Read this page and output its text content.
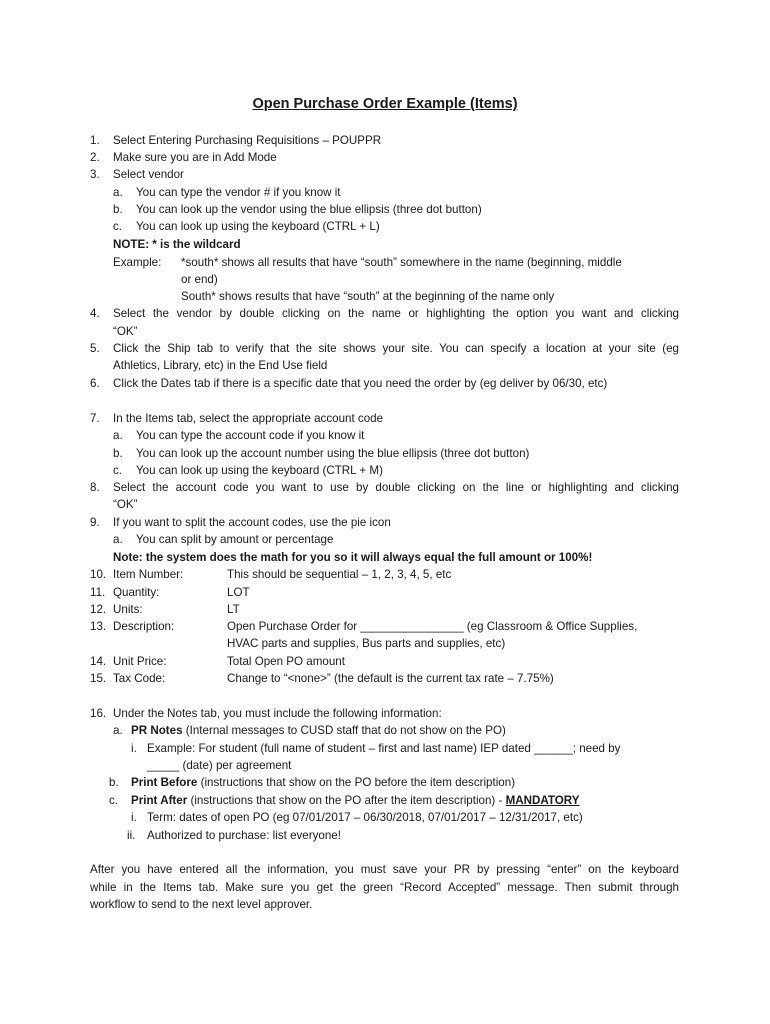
Open Purchase Order Example (Items)
1. Select Entering Purchasing Requisitions – POUPPR
2. Make sure you are in Add Mode
3. Select vendor
a. You can type the vendor # if you know it
b. You can look up the vendor using the blue ellipsis (three dot button)
c. You can look up using the keyboard (CTRL + L)
NOTE: * is the wildcard
Example: *south* shows all results that have “south” somewhere in the name (beginning, middle
or end)
South* shows results that have “south” at the beginning of the name only
4. Select the vendor by double clicking on the name or highlighting the option you want and clicking
“OK”
5. Click the Ship tab to verify that the site shows your site. You can specify a location at your site (eg
Athletics, Library, etc) in the End Use field
6. Click the Dates tab if there is a specific date that you need the order by (eg deliver by 06/30, etc)
7. In the Items tab, select the appropriate account code
a. You can type the account code if you know it
b. You can look up the account number using the blue ellipsis (three dot button)
c. You can look up using the keyboard (CTRL + M)
8. Select the account code you want to use by double clicking on the line or highlighting and clicking
“OK”
9. If you want to split the account codes, use the pie icon
a. You can split by amount or percentage
Note: the system does the math for you so it will always equal the full amount or 100%!
10. Item Number:	This should be sequential – 1, 2, 3, 4, 5, etc
11. Quantity:	LOT
12. Units:	LT
13. Description:	Open Purchase Order for ________________ (eg Classroom & Office Supplies,
HVAC parts and supplies, Bus parts and supplies, etc)
14. Unit Price:	Total Open PO amount
15. Tax Code:	Change to “<none>” (the default is the current tax rate – 7.75%)
16. Under the Notes tab, you must include the following information:
a. PR Notes (Internal messages to CUSD staff that do not show on the PO)
i. Example: For student (full name of student – first and last name) IEP dated ______; need by
_____ (date) per agreement
b. Print Before (instructions that show on the PO before the item description)
c. Print After (instructions that show on the PO after the item description) - MANDATORY
i. Term: dates of open PO (eg 07/01/2017 – 06/30/2018, 07/01/2017 – 12/31/2017, etc)
ii. Authorized to purchase: list everyone!
After you have entered all the information, you must save your PR by pressing “enter” on the keyboard
while in the Items tab. Make sure you get the green “Record Accepted” message. Then submit through
workflow to send to the next level approver.
